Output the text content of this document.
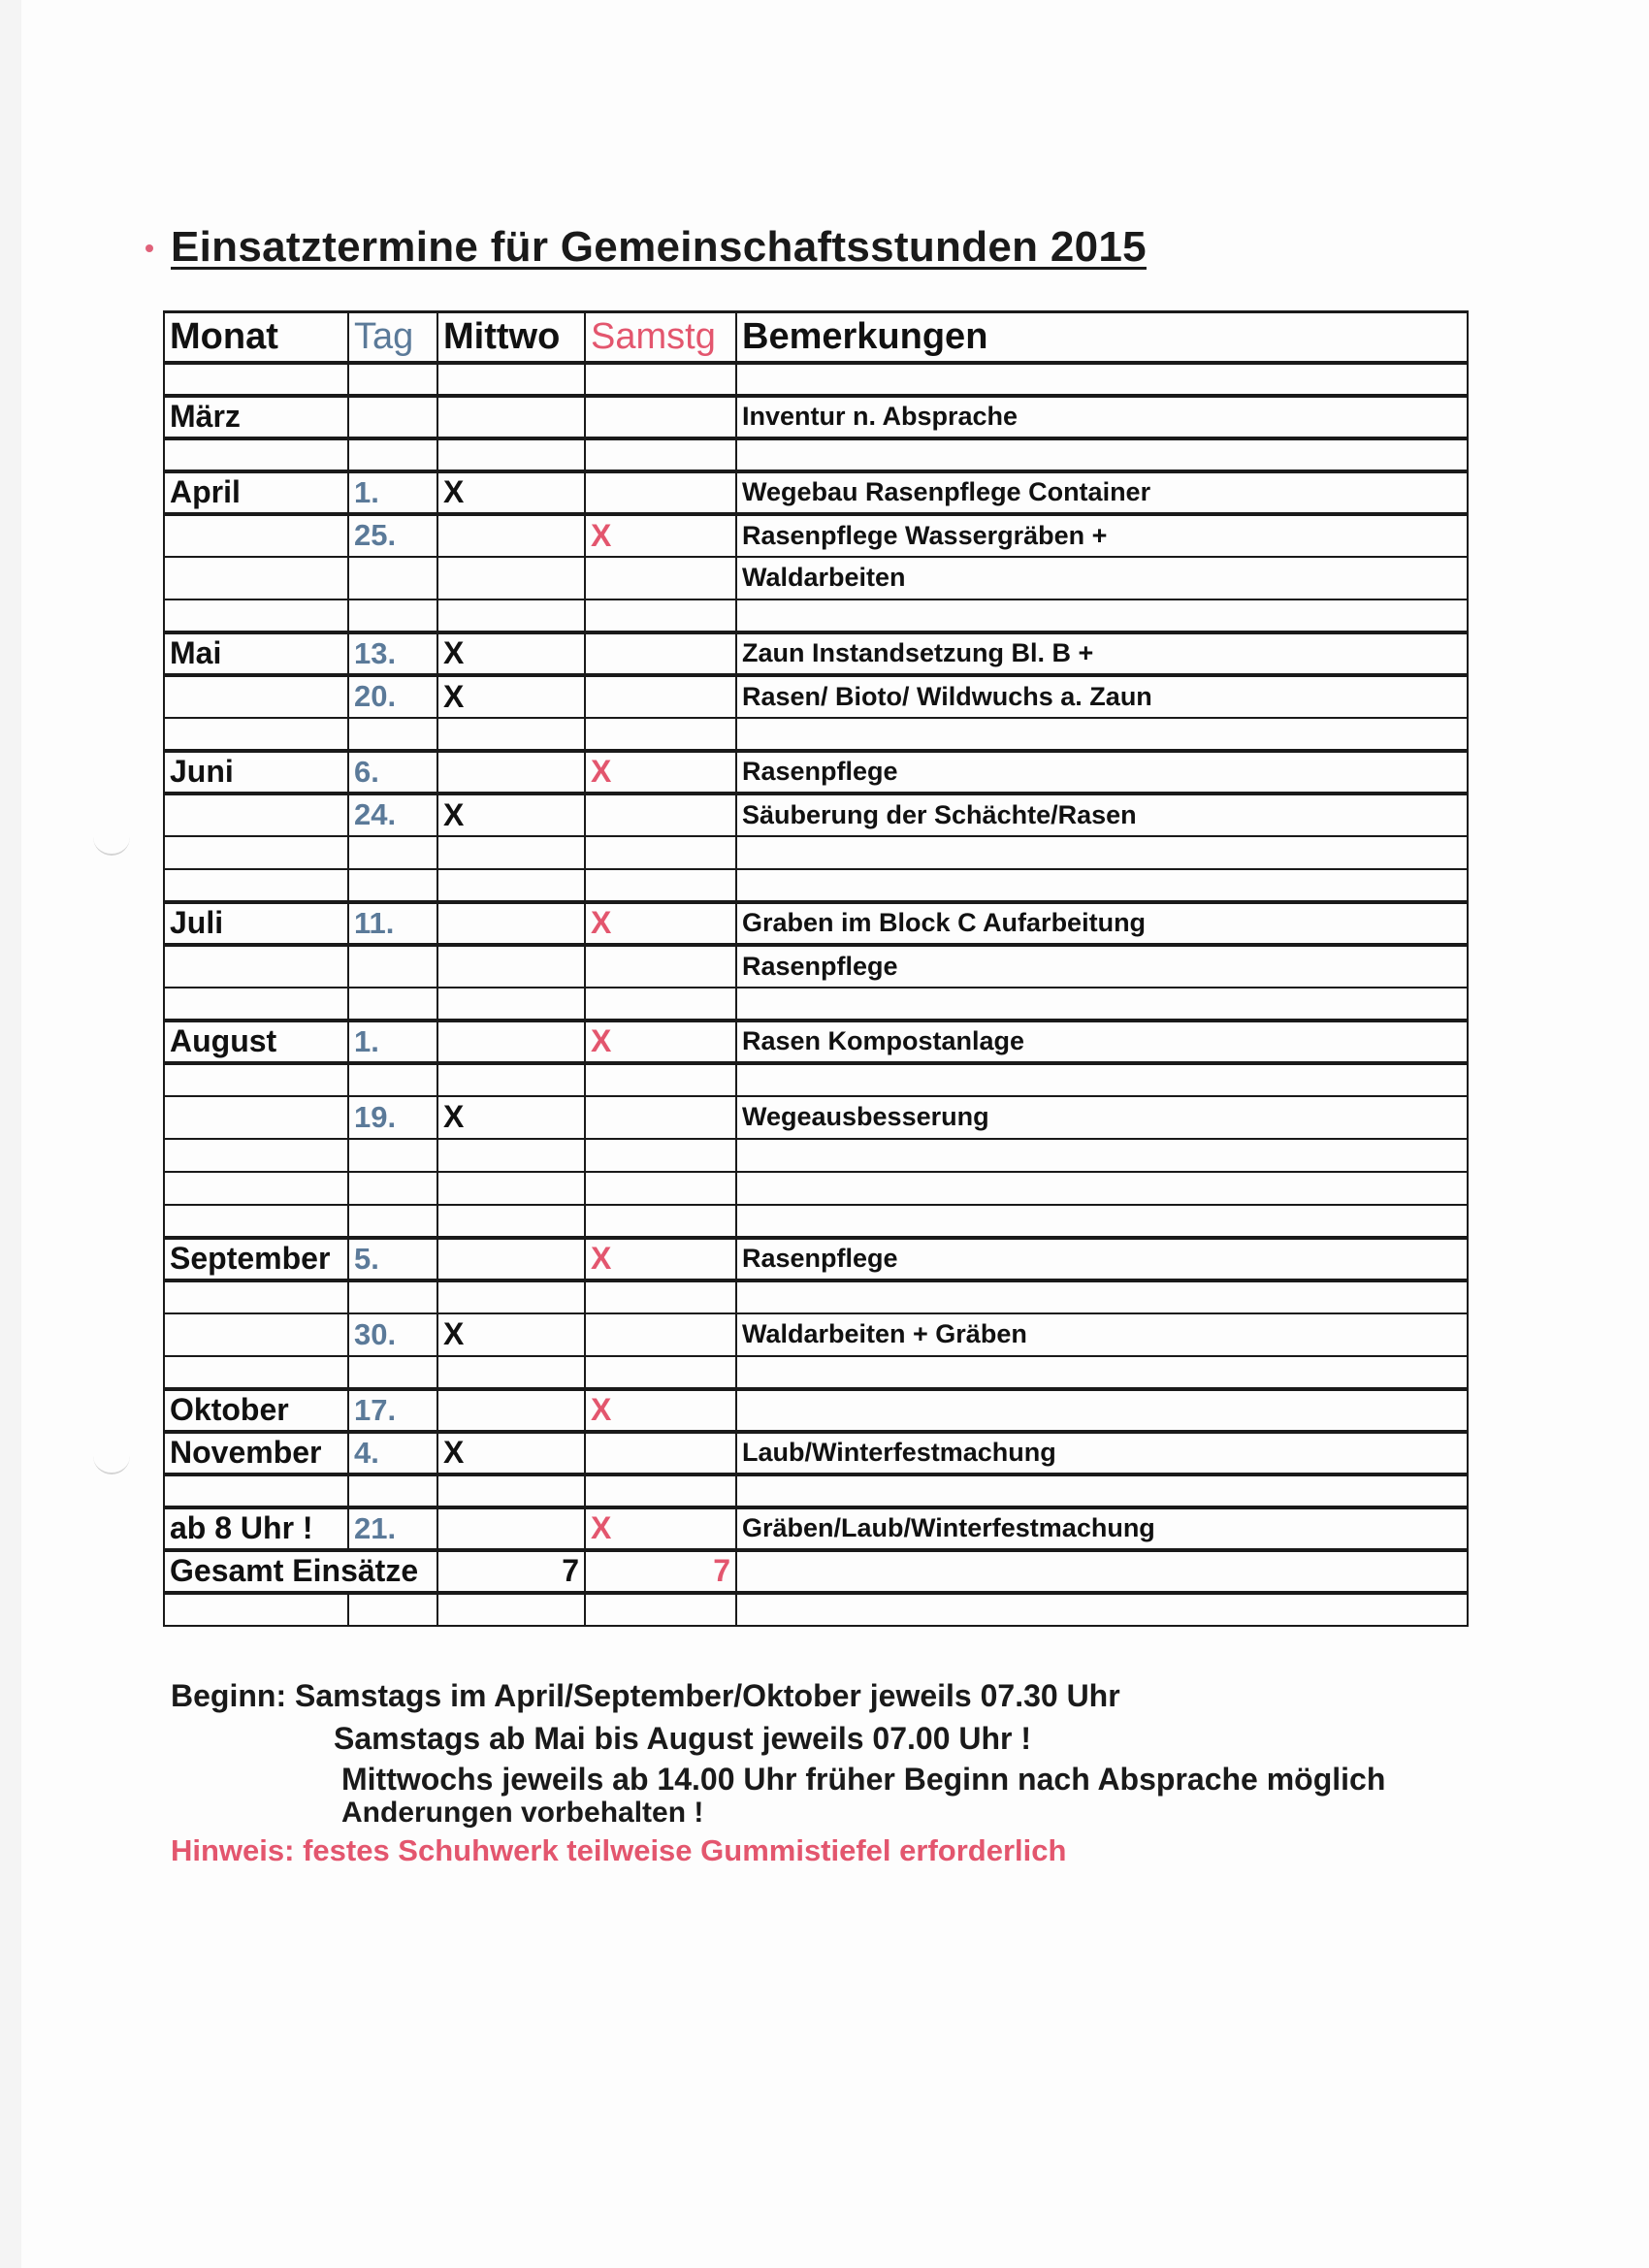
Einsatztermine für Gemeinschaftsstunden 2015
Monat	Tag	Mittwo	Samstg	Bemerkungen

März				Inventur n. Absprache

April	1.	X		Wegebau Rasenpflege Container
	25.		X	Rasenpflege Wassergräben +
				Waldarbeiten

Mai	13.	X		Zaun Instandsetzung Bl. B +
	20.	X		Rasen/ Bioto/ Wildwuchs a. Zaun

Juni	6.		X	Rasenpflege
	24.	X		Säuberung der Schächte/Rasen

Juli	11.		X	Graben im Block C Aufarbeitung
				Rasenpflege

August	1.		X	Rasen Kompostanlage

	19.	X		Wegeausbesserung

September	5.		X	Rasenpflege

	30.	X		Waldarbeiten + Gräben

Oktober	17.		X	
November	4.	X		Laub/Winterfestmachung

ab 8 Uhr !	21.		X	Gräben/Laub/Winterfestmachung
Gesamt Einsätze		7	7	

Beginn: Samstags im April/September/Oktober jeweils 07.30 Uhr
Samstags ab Mai bis August jeweils 07.00 Uhr !
Mittwochs jeweils ab 14.00 Uhr früher Beginn nach Absprache möglich
Anderungen vorbehalten !
Hinweis: festes Schuhwerk teilweise Gummistiefel erforderlich
